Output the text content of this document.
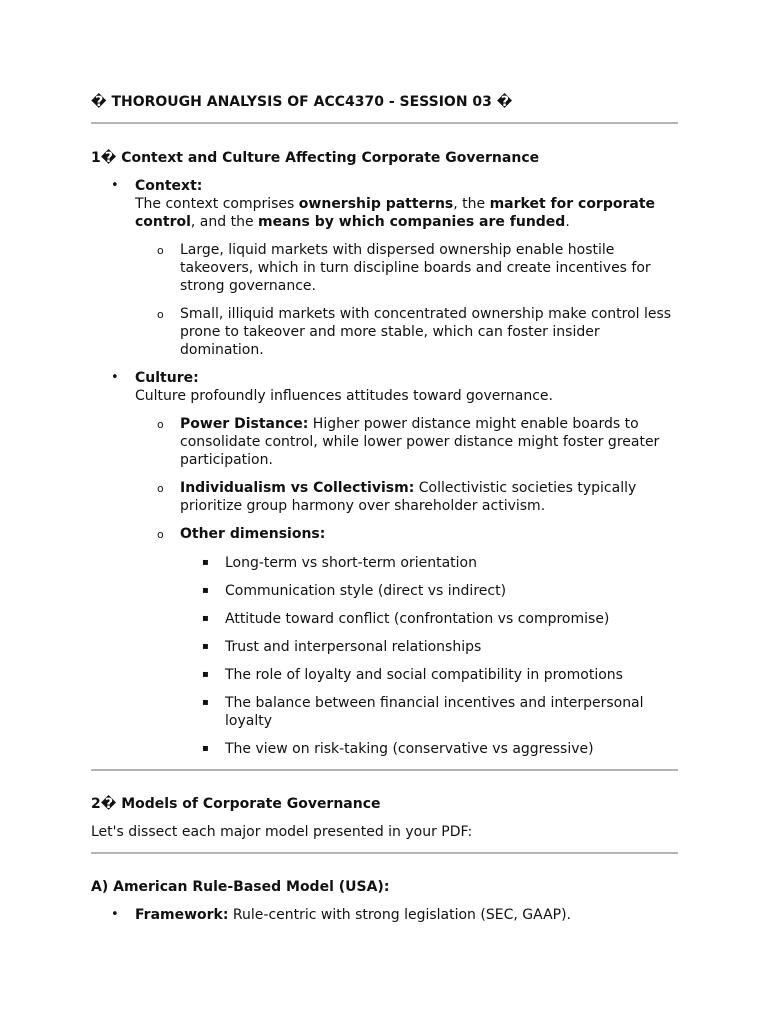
� THOROUGH ANALYSIS OF ACC4370 - SESSION 03 �

1� Context and Culture Affecting Corporate Governance

• Context:
The context comprises ownership patterns, the market for corporate control, and the means by which companies are funded.
o Large, liquid markets with dispersed ownership enable hostile takeovers, which in turn discipline boards and create incentives for strong governance.
o Small, illiquid markets with concentrated ownership make control less prone to takeover and more stable, which can foster insider domination.
• Culture:
Culture profoundly influences attitudes toward governance.
o Power Distance: Higher power distance might enable boards to consolidate control, while lower power distance might foster greater participation.
o Individualism vs Collectivism: Collectivistic societies typically prioritize group harmony over shareholder activism.
o Other dimensions:
▪ Long-term vs short-term orientation
▪ Communication style (direct vs indirect)
▪ Attitude toward conflict (confrontation vs compromise)
▪ Trust and interpersonal relationships
▪ The role of loyalty and social compatibility in promotions
▪ The balance between financial incentives and interpersonal loyalty
▪ The view on risk-taking (conservative vs aggressive)

2� Models of Corporate Governance

Let's dissect each major model presented in your PDF:

A) American Rule-Based Model (USA):

• Framework: Rule-centric with strong legislation (SEC, GAAP).
